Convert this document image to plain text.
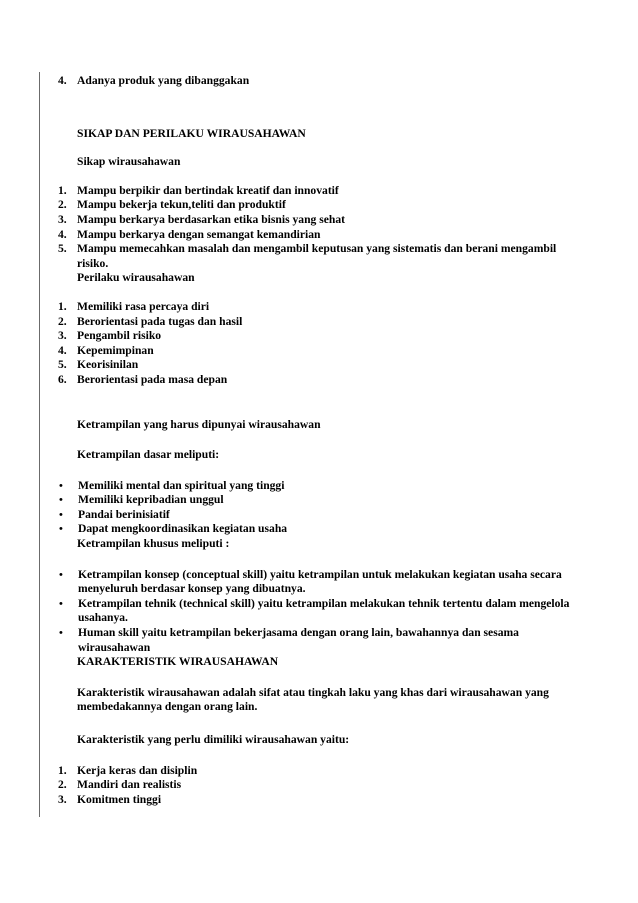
4. Adanya produk yang dibanggakan
SIKAP DAN PERILAKU WIRAUSAHAWAN
Sikap wirausahawan
1. Mampu berpikir dan bertindak kreatif dan innovatif
2. Mampu bekerja tekun,teliti dan produktif
3. Mampu berkarya berdasarkan etika bisnis yang sehat
4. Mampu berkarya dengan semangat kemandirian
5. Mampu memecahkan masalah dan mengambil keputusan yang sistematis dan berani mengambil risiko.
Perilaku wirausahawan
1. Memiliki rasa percaya diri
2. Berorientasi pada tugas dan hasil
3. Pengambil risiko
4. Kepemimpinan
5. Keorisinilan
6. Berorientasi pada masa depan
Ketrampilan yang harus dipunyai wirausahawan
Ketrampilan dasar meliputi:
•	Memiliki mental dan spiritual yang tinggi
•	Memiliki kepribadian unggul
•	Pandai berinisiatif
•	Dapat mengkoordinasikan kegiatan usaha
Ketrampilan khusus meliputi :
•	Ketrampilan konsep (conceptual skill) yaitu ketrampilan untuk melakukan kegiatan usaha secara menyeluruh berdasar konsep yang dibuatnya.
•	Ketrampilan tehnik (technical skill) yaitu ketrampilan melakukan tehnik tertentu dalam mengelola usahanya.
•	Human skill yaitu ketrampilan bekerjasama dengan orang lain, bawahannya dan sesama wirausahawan
KARAKTERISTIK WIRAUSAHAWAN
Karakteristik wirausahawan adalah sifat atau tingkah laku yang khas dari wirausahawan yang membedakannya dengan orang lain.
Karakteristik yang perlu dimiliki wirausahawan yaitu:
1. Kerja keras dan disiplin
2. Mandiri dan realistis
3. Komitmen tinggi
